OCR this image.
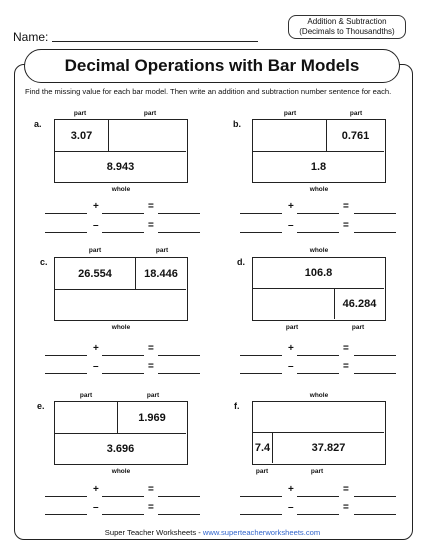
Name:
Addition & Subtraction
(Decimals to Thousandths)
Decimal Operations with Bar Models
Find the missing value for each bar model. Then write an addition and subtraction number sentence for each.
a.
part	part
3.07
8.943
whole
+	=
–	=
b.
part	part
0.761
1.8
whole
+	=
–	=
c.
part	part
26.554	18.446
whole
+	=
–	=
d.
whole
106.8
46.284
part	part
+	=
–	=
e.
part	part
1.969
3.696
whole
+	=
–	=
f.
whole
7.4	37.827
part	part
+	=
–	=
Super Teacher Worksheets - www.superteacherworksheets.com
